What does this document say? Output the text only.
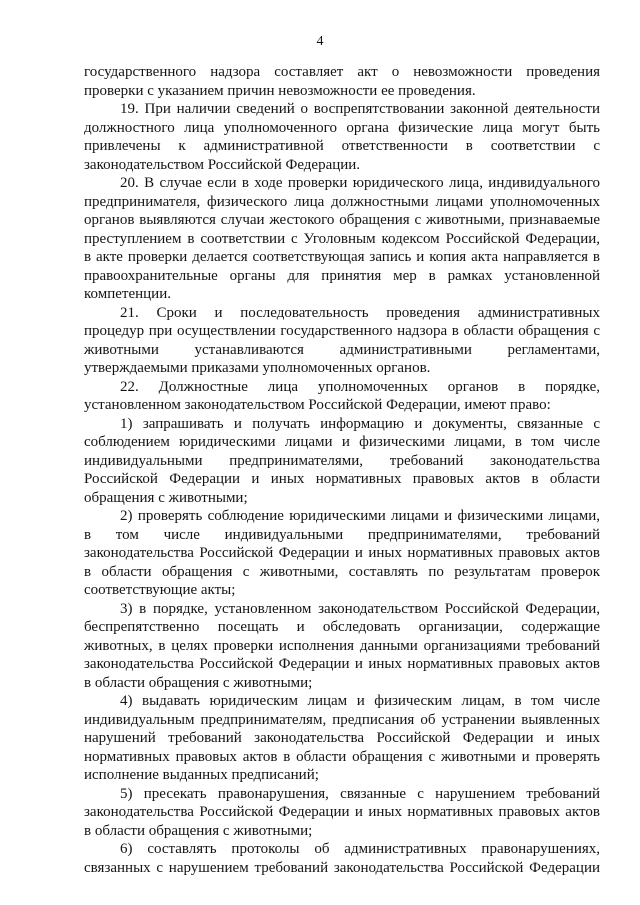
4
государственного надзора составляет акт о невозможности проведения
проверки с указанием причин невозможности ее проведения.
19. При наличии сведений о воспрепятствовании законной деятельности
должностного лица уполномоченного органа физические лица могут быть
привлечены к административной ответственности в соответствии с
законодательством Российской Федерации.
20. В случае если в ходе проверки юридического лица, индивидуального
предпринимателя, физического лица должностными лицами уполномоченных
органов выявляются случаи жестокого обращения с животными, признаваемые
преступлением в соответствии с Уголовным кодексом Российской Федерации,
в акте проверки делается соответствующая запись и копия акта направляется в
правоохранительные органы для принятия мер в рамках установленной
компетенции.
21. Сроки и последовательность проведения административных
процедур при осуществлении государственного надзора в области обращения с
животными устанавливаются административными регламентами,
утверждаемыми приказами уполномоченных органов.
22. Должностные лица уполномоченных органов в порядке,
установленном законодательством Российской Федерации, имеют право:
1) запрашивать и получать информацию и документы, связанные с
соблюдением юридическими лицами и физическими лицами, в том числе
индивидуальными предпринимателями, требований законодательства
Российской Федерации и иных нормативных правовых актов в области
обращения с животными;
2) проверять соблюдение юридическими лицами и физическими лицами,
в том числе индивидуальными предпринимателями, требований
законодательства Российской Федерации и иных нормативных правовых актов
в области обращения с животными, составлять по результатам проверок
соответствующие акты;
3) в порядке, установленном законодательством Российской Федерации,
беспрепятственно посещать и обследовать организации, содержащие
животных, в целях проверки исполнения данными организациями требований
законодательства Российской Федерации и иных нормативных правовых актов
в области обращения с животными;
4) выдавать юридическим лицам и физическим лицам, в том числе
индивидуальным предпринимателям, предписания об устранении выявленных
нарушений требований законодательства Российской Федерации и иных
нормативных правовых актов в области обращения с животными и проверять
исполнение выданных предписаний;
5) пресекать правонарушения, связанные с нарушением требований
законодательства Российской Федерации и иных нормативных правовых актов
в области обращения с животными;
6) составлять протоколы об административных правонарушениях,
связанных с нарушением требований законодательства Российской Федерации
